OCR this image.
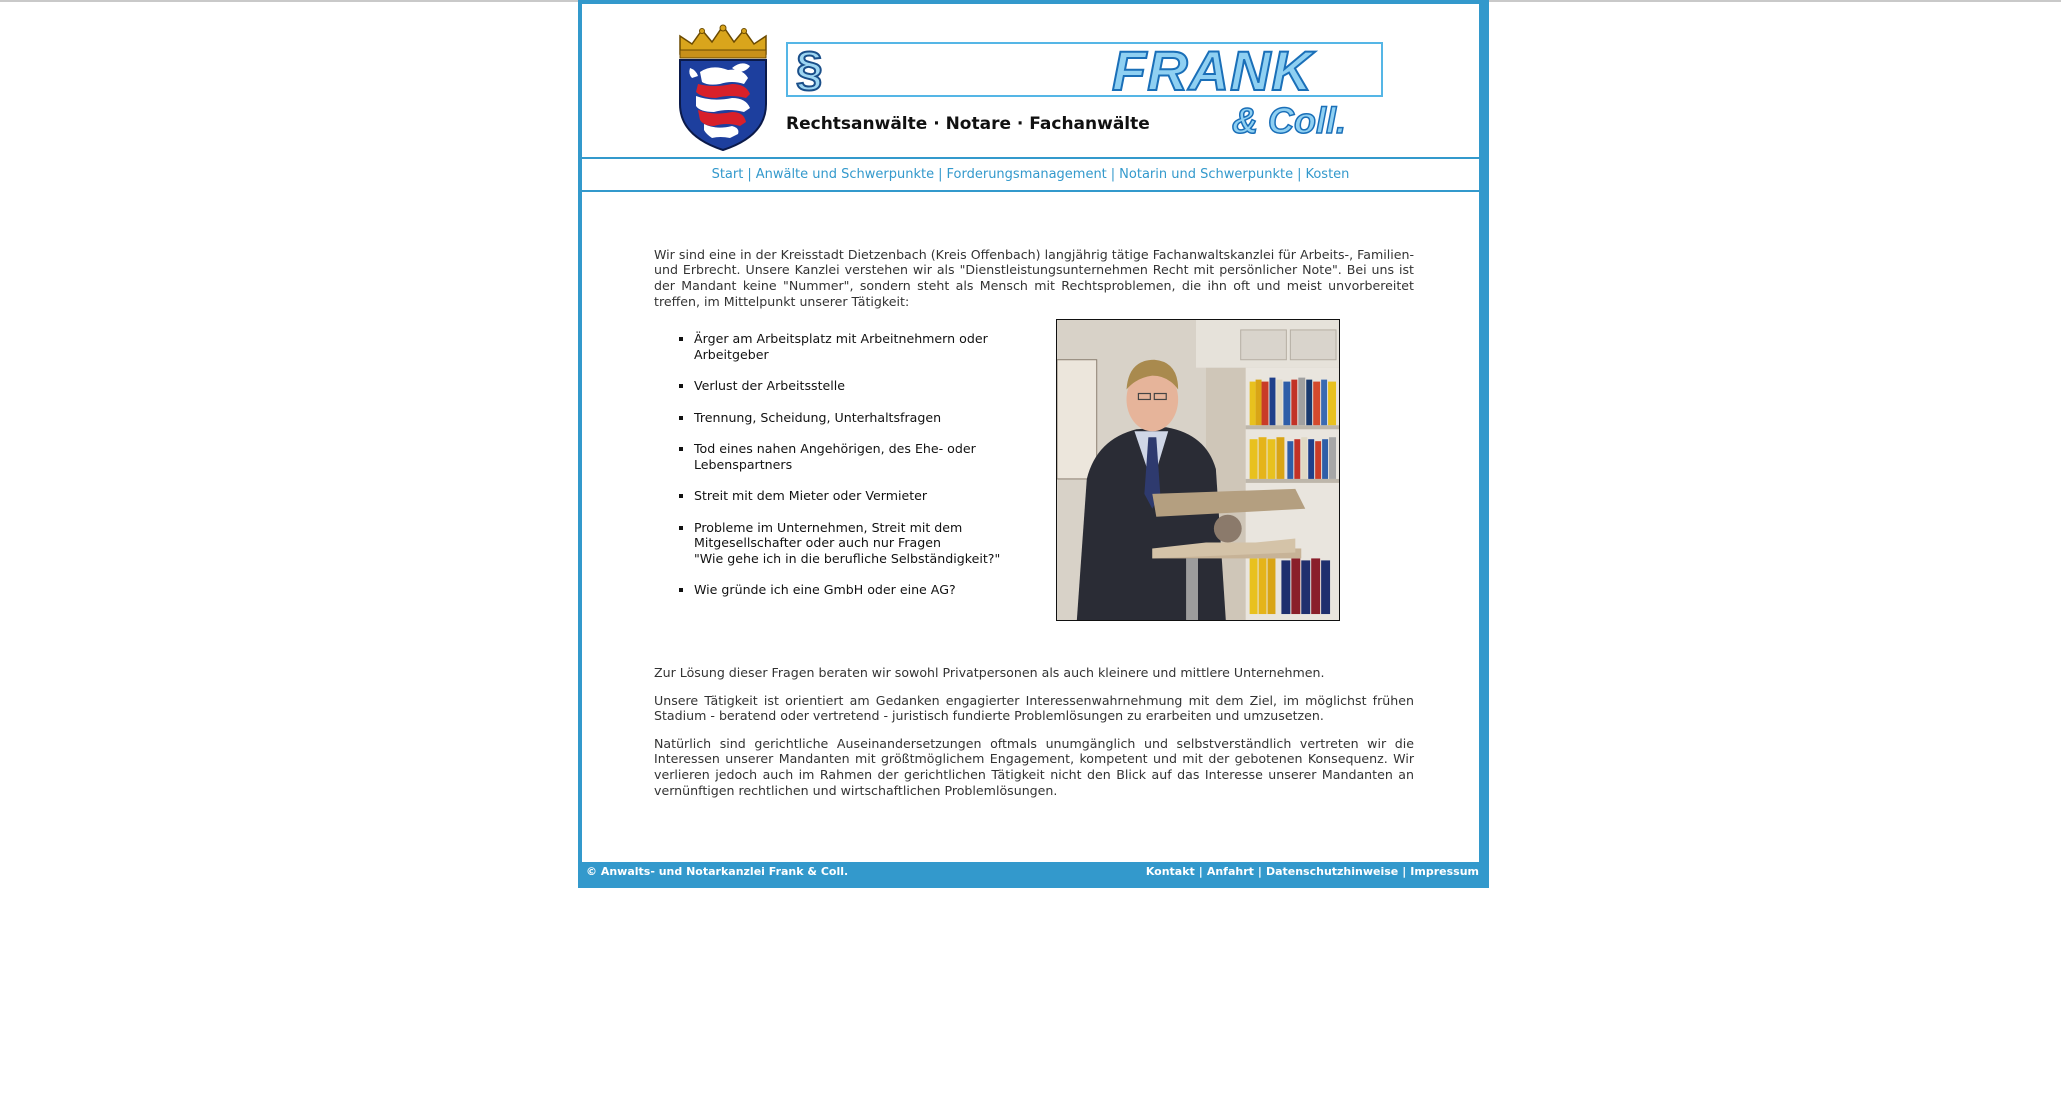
§	FRANK
& Coll.
Rechtsanwälte · Notare · Fachanwälte
Start | Anwälte und Schwerpunkte | Forderungsmanagement | Notarin und Schwerpunkte | Kosten

Wir sind eine in der Kreisstadt Dietzenbach (Kreis Offenbach) langjährig tätige Fachanwaltskanzlei für Arbeits-, Familien- und Erbrecht. Unsere Kanzlei verstehen wir als "Dienstleistungsunternehmen Recht mit persönlicher Note". Bei uns ist der Mandant keine "Nummer", sondern steht als Mensch mit Rechtsproblemen, die ihn oft und meist unvorbereitet treffen, im Mittelpunkt unserer Tätigkeit:

▪ Ärger am Arbeitsplatz mit Arbeitnehmern oder
Arbeitgeber
▪ Verlust der Arbeitsstelle
▪ Trennung, Scheidung, Unterhaltsfragen
▪ Tod eines nahen Angehörigen, des Ehe- oder
Lebenspartners
▪ Streit mit dem Mieter oder Vermieter
▪ Probleme im Unternehmen, Streit mit dem
Mitgesellschafter oder auch nur Fragen
"Wie gehe ich in die berufliche Selbständigkeit?"
▪ Wie gründe ich eine GmbH oder eine AG?

Zur Lösung dieser Fragen beraten wir sowohl Privatpersonen als auch kleinere und mittlere Unternehmen.

Unsere Tätigkeit ist orientiert am Gedanken engagierter Interessenwahrnehmung mit dem Ziel, im möglichst frühen Stadium - beratend oder vertretend - juristisch fundierte Problemlösungen zu erarbeiten und umzusetzen.

Natürlich sind gerichtliche Auseinandersetzungen oftmals unumgänglich und selbstverständlich vertreten wir die Interessen unserer Mandanten mit größtmöglichem Engagement, kompetent und mit der gebotenen Konsequenz. Wir verlieren jedoch auch im Rahmen der gerichtlichen Tätigkeit nicht den Blick auf das Interesse unserer Mandanten an vernünftigen rechtlichen und wirtschaftlichen Problemlösungen.

© Anwalts- und Notarkanzlei Frank & Coll.	Kontakt | Anfahrt | Datenschutzhinweise | Impressum
